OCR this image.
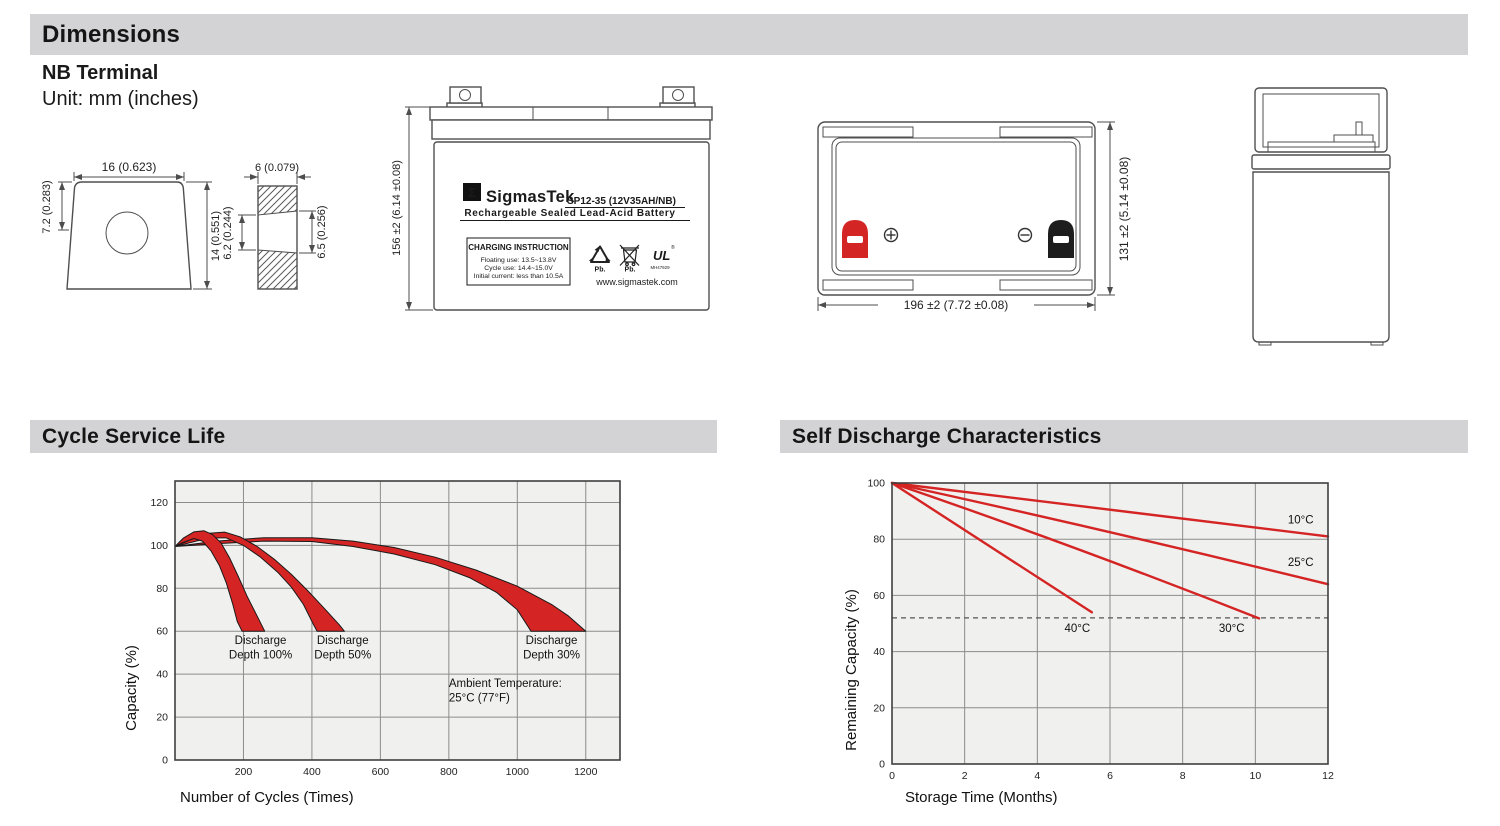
Dimensions
NB Terminal
Unit: mm (inches)
16 (0.623)
7.2 (0.283)
14 (0.551)
6 (0.079)
6.2 (0.244)	6.5 (0.256)	156 ±2 (6.14 ±0.08)	Σ SigmasTek
SP12-35 (12V35AH/NB)
Rechargeable Sealed Lead-Acid Battery
CHARGING INSTRUCTION
Floating use: 13.5~13.8V
Cycle use: 14.4~15.0V
Initial current: less than 10.5A
Pb.	Pb.
UL ®
MH47929
www.sigmastek.com
196 ±2 (7.72 ±0.08)
131 ±2 (5.14 ±0.08)
Cycle Service Life
200	400	600	800	1000	1200
0
20
40
60
80
100
120
Discharge
Depth 100%
Discharge
Depth 50%
Discharge
Depth 30%
Ambient Temperature:
25°C (77°F)
Capacity (%)
Number of Cycles (Times)
Self Discharge Characteristics
10°C
25°C
30°C
40°C
0	2	4	6	8	10	12
0
20
40
60
80
100
Remaining Capacity (%)
Storage Time (Months)
